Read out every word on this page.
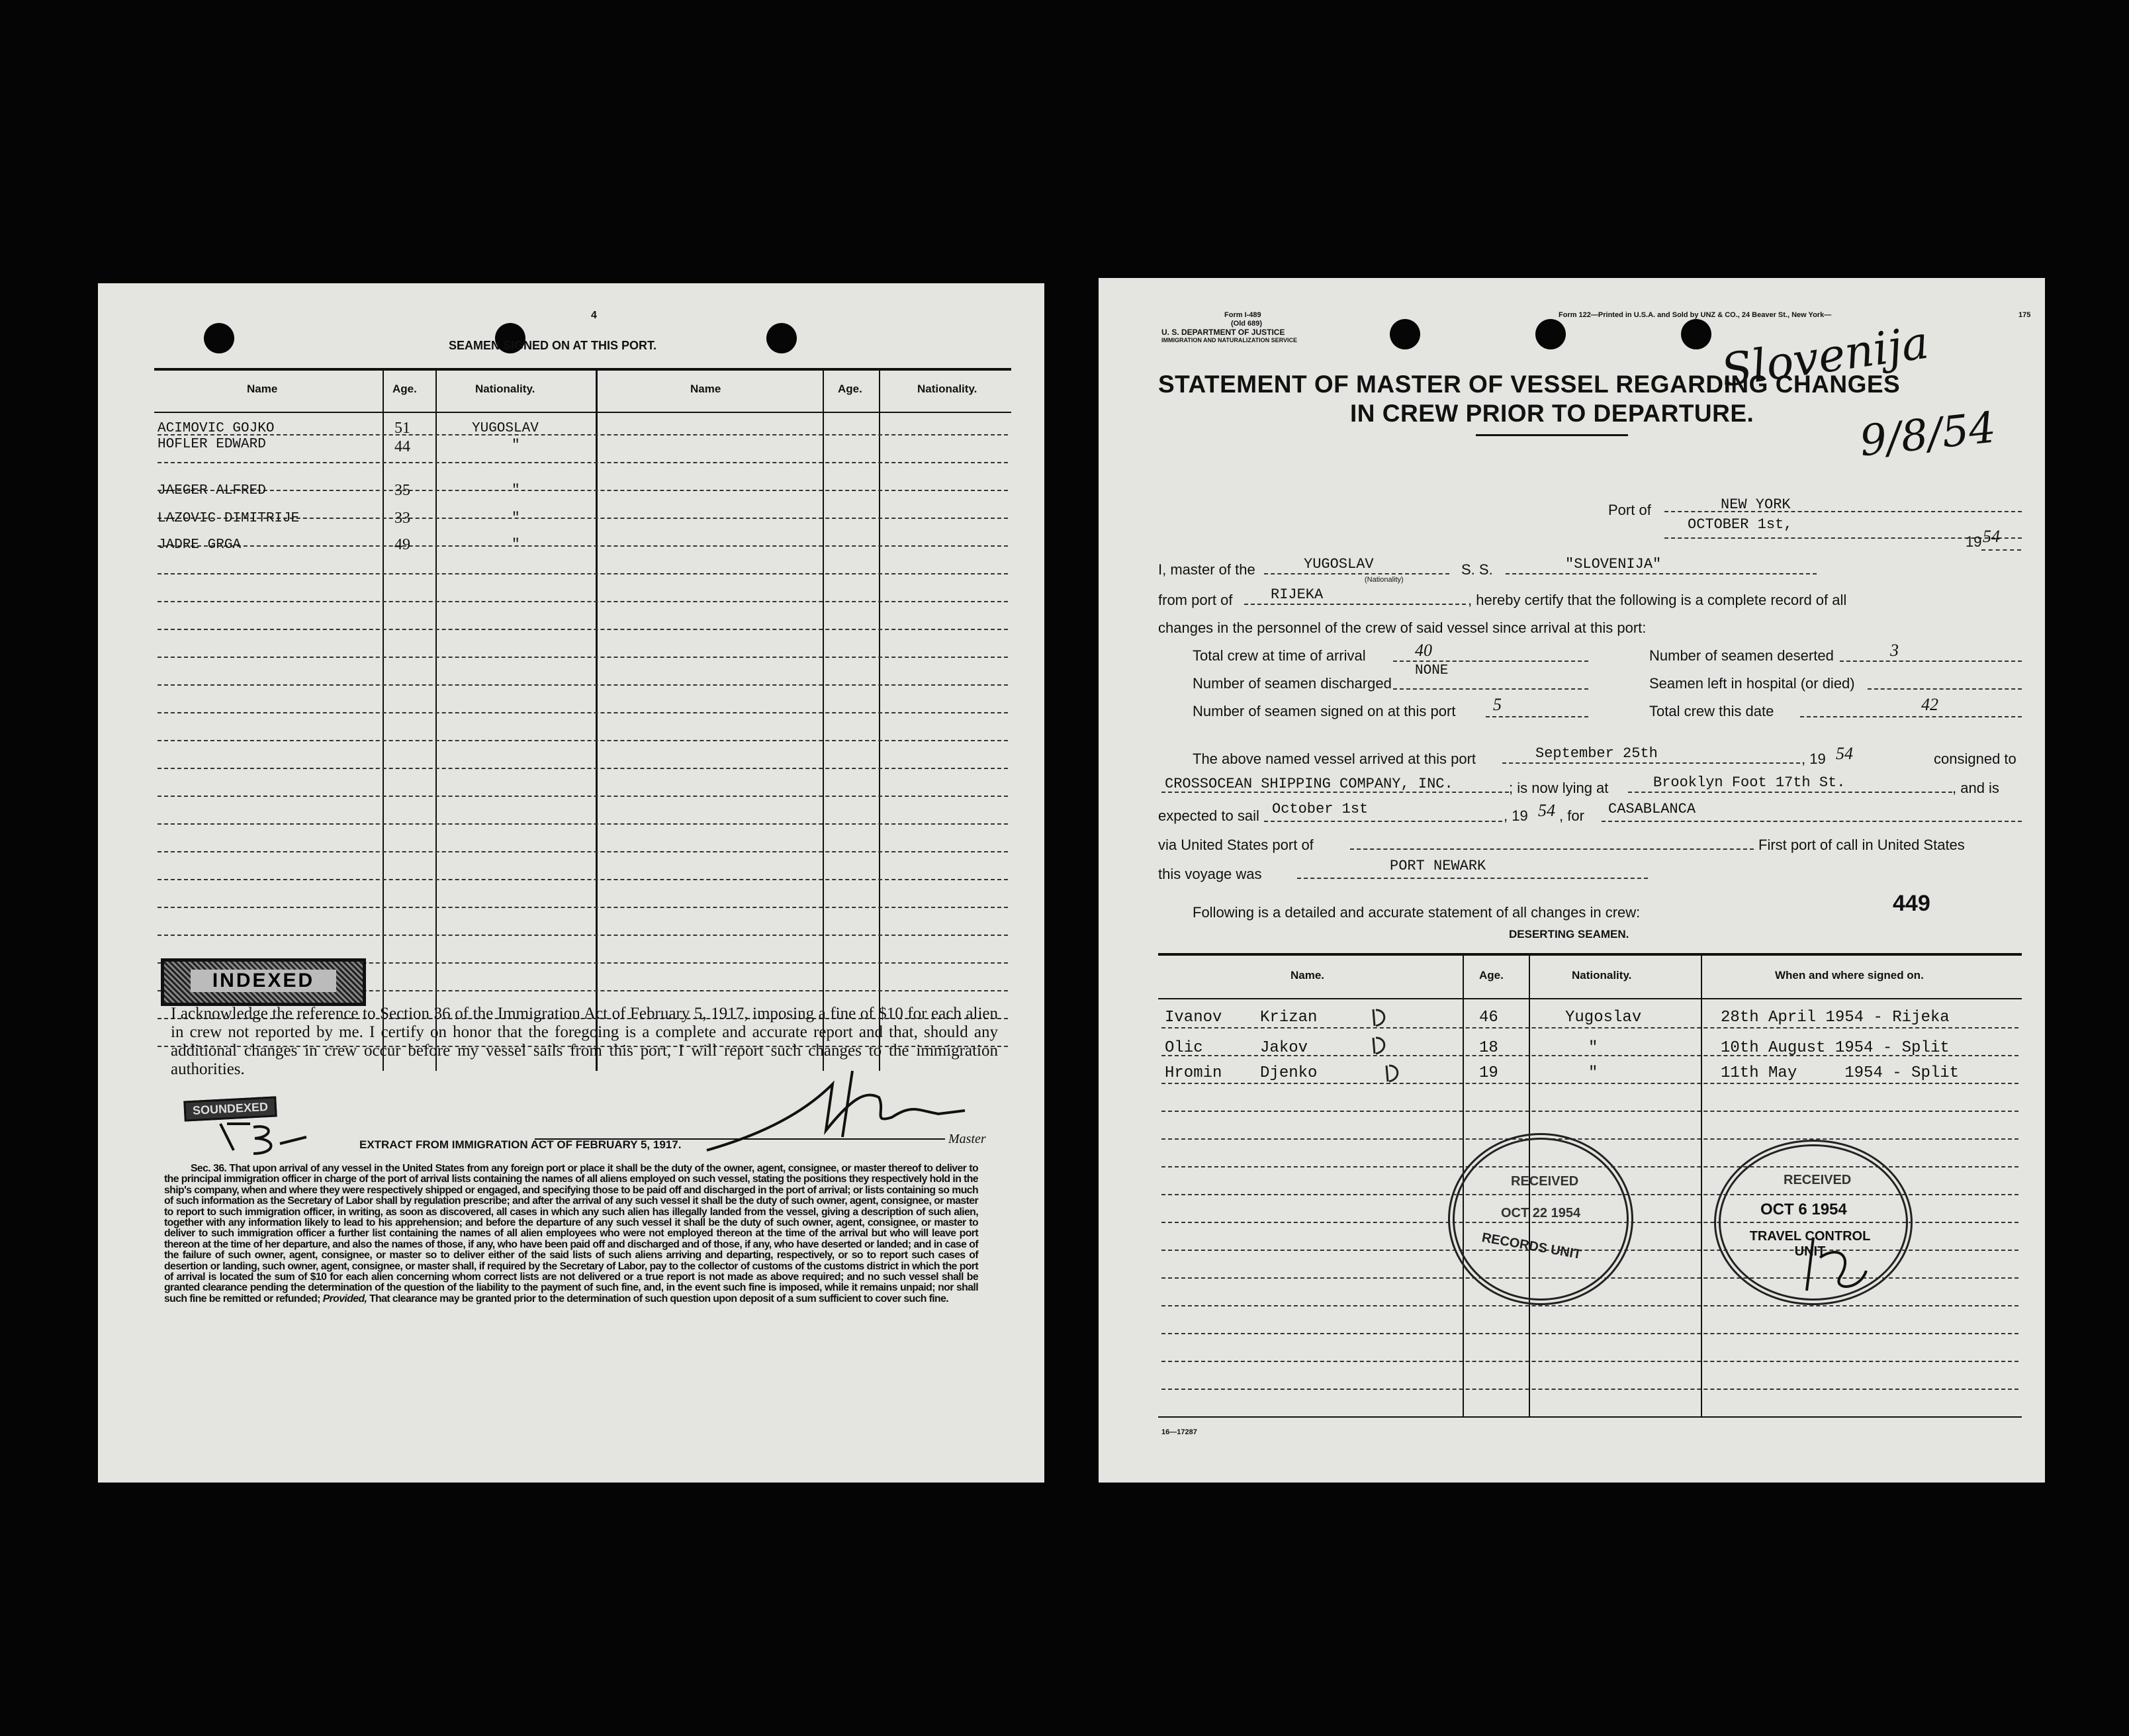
4
SEAMEN SIGNED ON AT THIS PORT.
Name	Age.	Nationality.	Name	Age.	Nationality.
ACIMOVIC GOJKO	51	YUGOSLAV
HOFLER EDWARD	44	"
JAEGER ALFRED	35	"
LAZOVIC DIMITRIJE	33	"
JADRE GRGA	49	"
INDEXED

I acknowledge the reference to Section 36 of the Immigration Act of February 5, 1917, imposing a fine of $10 for each alien in crew not reported by me. I certify on honor that the foregoing is a complete and accurate report and that, should any additional changes in crew occur before my vessel sails from this port, I will report such changes to the immigration authorities.

Master
SOUNDEXED
EXTRACT FROM IMMIGRATION ACT OF FEBRUARY 5, 1917.

Sec. 36. That upon arrival of any vessel in the United States from any foreign port or place it shall be the duty of the owner, agent, consignee, or master thereof to deliver to the principal immigration officer in charge of the port of arrival lists containing the names of all aliens employed on such vessel, stating the positions they respectively hold in the ship's company, when and where they were respectively shipped or engaged, and specifying those to be paid off and discharged in the port of arrival; or lists containing so much of such information as the Secretary of Labor shall by regulation prescribe; and after the arrival of any such vessel it shall be the duty of such owner, agent, consignee, or master to report to such immigration officer, in writing, as soon as discovered, all cases in which any such alien has illegally landed from the vessel, giving a description of such alien, together with any information likely to lead to his apprehension; and before the departure of any such vessel it shall be the duty of such owner, agent, consignee, or master to deliver to such immigration officer a further list containing the names of all alien employees who were not employed thereon at the time of the arrival but who will leave port thereon at the time of her departure, and also the names of those, if any, who have been paid off and discharged and of those, if any, who have deserted or landed; and in case of the failure of such owner, agent, consignee, or master so to deliver either of the said lists of such aliens arriving and departing, respectively, or so to report such cases of desertion or landing, such owner, agent, consignee, or master shall, if required by the Secretary of Labor, pay to the collector of customs of the customs district in which the port of arrival is located the sum of $10 for each alien concerning whom correct lists are not delivered or a true report is not made as above required; and no such vessel shall be granted clearance pending the determination of the question of the liability to the payment of such fine, and, in the event such fine is imposed, while it remains unpaid; nor shall such fine be remitted or refunded; Provided, That clearance may be granted prior to the determination of such question upon deposit of a sum sufficient to cover such fine.

Form I-489
(Old 689)
U. S. DEPARTMENT OF JUSTICE
IMMIGRATION AND NATURALIZATION SERVICE
Form 122—Printed in U.S.A. and Sold by UNZ & CO., 24 Beaver St., New York—	175
STATEMENT OF MASTER OF VESSEL REGARDING CHANGES
IN CREW PRIOR TO DEPARTURE.
Slovenija
9/8/54
Port of	NEW YORK
OCTOBER 1st,
19 54
I, master of the	YUGOSLAV
(Nationality)
S. S.	"SLOVENIJA"
from port of	RIJEKA	, hereby certify that the following is a complete record of all
changes in the personnel of the crew of said vessel since arrival at this port:
Total crew at time of arrival	40
Number of seamen discharged
NONE
Number of seamen signed on at this port 5
Number of seamen deserted	3
Seamen left in hospital (or died)
Total crew this date	42
The above named vessel arrived at this port	September 25th	, 19 54	consigned to
CROSSOCEAN SHIPPING COMPANY, INC.	; is now lying at	Brooklyn Foot 17th St.	, and is
expected to sail October 1st	, 19 54 , for CASABLANCA
via United States port of	First port of call in United States
this voyage was	PORT NEWARK
Following is a detailed and accurate statement of all changes in crew:	449
DESERTING SEAMEN.
Name.	Age.	Nationality.	When and where signed on.
Ivanov    Krizan	46	Yugoslav	28th April 1954 - Rijeka
Olic      Jakov	18	"	10th August 1954 - Split
Hromin    Djenko	19	"	11th May     1954 - Split
RECEIVED
OCT 22 1954
RECORDS UNIT
RECEIVED
OCT 6 1954
TRAVEL CONTROL UNIT
16—17287
